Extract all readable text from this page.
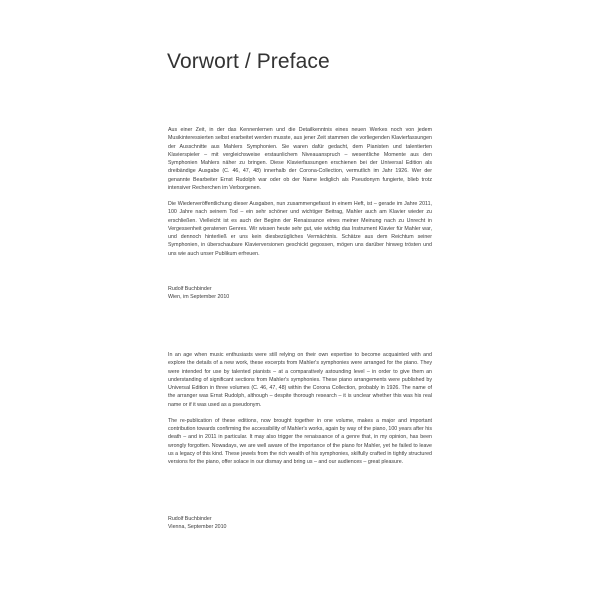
Vorwort / Preface

Aus einer Zeit, in der das Kennenlernen und die Detailkenntnis eines neuen Werkes noch von jedem Musikinteressierten selbst erarbeitet werden musste, aus jener Zeit stammen die vorliegenden Klavierfassungen der Ausschnitte aus Mahlers Symphonien. Sie waren dafür gedacht, dem Pianisten und talentierten Klavierspieler – mit vergleichsweise erstaunlichem Niveauanspruch – wesentliche Momente aus den Symphonien Mahlers näher zu bringen. Diese Klavierfassungen erschienen bei der Universal Edition als dreibändige Ausgabe (C. 46, 47, 48) innerhalb der Corona-Collection, vermutlich im Jahr 1926. Wer der genannte Bearbeiter Ernst Rudolph war oder ob der Name lediglich als Pseudonym fungierte, blieb trotz intensiver Recherchen im Verborgenen.

Die Wiederveröffentlichung dieser Ausgaben, nun zusammengefasst in einem Heft, ist – gerade im Jahre 2011, 100 Jahre nach seinem Tod – ein sehr schöner und wichtiger Beitrag, Mahler auch am Klavier wieder zu erschließen. Vielleicht ist es auch der Beginn der Renaissance eines meiner Meinung nach zu Unrecht in Vergessenheit geratenen Genres. Wir wissen heute sehr gut, wie wichtig das Instrument Klavier für Mahler war, und dennoch hinterließ er uns kein diesbezügliches Vermächtnis. Schätze aus dem Reichtum seiner Symphonien, in überschaubare Klavierversionen geschickt gegossen, mögen uns darüber hinweg trösten und uns wie auch unser Publikum erfreuen.

Rudolf Buchbinder
Wien, im September 2010

In an age when music enthusiasts were still relying on their own expertise to become acquainted with and explore the details of a new work, these excerpts from Mahler's symphonies were arranged for the piano. They were intended for use by talented pianists – at a comparatively astounding level – in order to give them an understanding of significant sections from Mahler's symphonies. These piano arrangements were published by Universal Edition in three volumes (C. 46, 47, 48) within the Corona Collection, probably in 1926. The name of the arranger was Ernst Rudolph, although – despite thorough research – it is unclear whether this was his real name or if it was used as a pseudonym.

The re-publication of these editions, now brought together in one volume, makes a major and important contribution towards confirming the accessibility of Mahler's works, again by way of the piano, 100 years after his death – and in 2011 in particular. It may also trigger the renaissance of a genre that, in my opinion, has been wrongly forgotten. Nowadays, we are well aware of the importance of the piano for Mahler, yet he failed to leave us a legacy of this kind. These jewels from the rich wealth of his symphonies, skilfully crafted in tightly structured versions for the piano, offer solace in our dismay and bring us – and our audiences – great pleasure.

Rudolf Buchbinder
Vienna, September 2010
